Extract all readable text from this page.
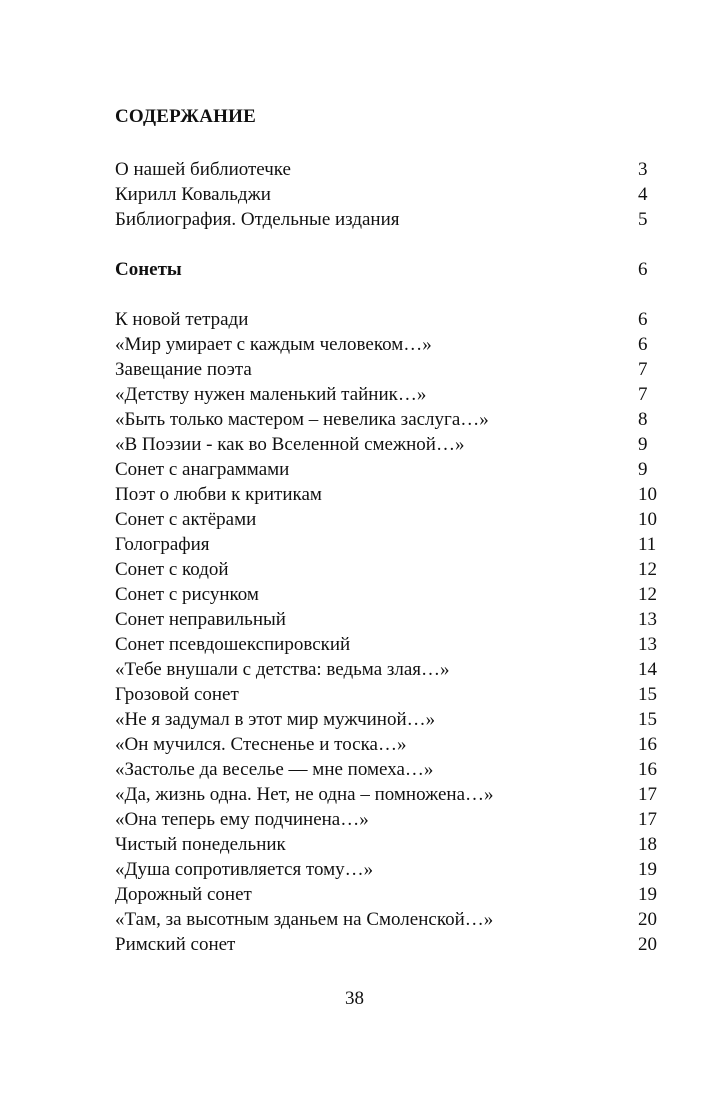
СОДЕРЖАНИЕ
О нашей библиотечке	3
Кирилл Ковальджи	4
Библиография. Отдельные издания	5
Сонеты	6
К новой тетради	6
«Мир умирает с каждым человеком…»	6
Завещание поэта	7
«Детству нужен маленький тайник…»	7
«Быть только мастером – невелика заслуга…»	8
«В Поэзии - как во Вселенной смежной…»	9
Сонет с анаграммами	9
Поэт о любви к критикам	10
Сонет с актёрами	10
Голография	11
Сонет с кодой	12
Сонет с рисунком	12
Сонет неправильный	13
Сонет псевдошекспировский	13
«Тебе внушали с детства: ведьма злая…»	14
Грозовой сонет	15
«Не я задумал в этот мир мужчиной…»	15
«Он мучился. Стесненье и тоска…»	16
«Застолье да веселье — мне помеха…»	16
«Да, жизнь одна. Нет, не одна – помножена…»	17
«Она теперь ему подчинена…»	17
Чистый понедельник	18
«Душа сопротивляется тому…»	19
Дорожный сонет	19
«Там, за высотным зданьем на Смоленской…»	20
Римский сонет	20
38
